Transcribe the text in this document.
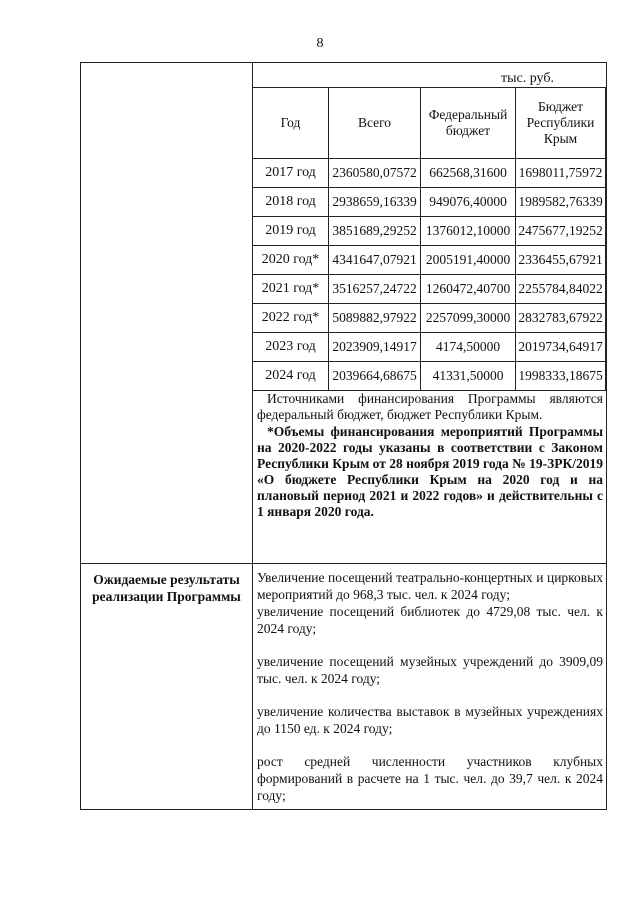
8
тыс. руб.
Год	Всего	Федеральный бюджет	Бюджет Республики Крым
2017 год	2360580,07572	662568,31600	1698011,75972
2018 год	2938659,16339	949076,40000	1989582,76339
2019 год	3851689,29252	1376012,10000	2475677,19252
2020 год*	4341647,07921	2005191,40000	2336455,67921
2021 год*	3516257,24722	1260472,40700	2255784,84022
2022 год*	5089882,97922	2257099,30000	2832783,67922
2023 год	2023909,14917	4174,50000	2019734,64917
2024 год	2039664,68675	41331,50000	1998333,18675

Источниками финансирования Программы являются федеральный бюджет, бюджет Республики Крым.

*Объемы финансирования мероприятий Программы на 2020-2022 годы указаны в соответствии с Законом Республики Крым от 28 ноября 2019 года № 19-ЗРК/2019 «О бюджете Республики Крым на 2020 год и на плановый период 2021 и 2022 годов» и действительны с 1 января 2020 года.

Ожидаемые результаты реализации Программы

Увеличение посещений театрально-концертных и цирковых мероприятий до 968,3 тыс. чел. к 2024 году;

увеличение посещений библиотек до 4729,08 тыс. чел. к 2024 году;

увеличение посещений музейных учреждений до 3909,09 тыс. чел. к 2024 году;

увеличение количества выставок в музейных учреждениях до 1150 ед. к 2024 году;

рост средней численности участников клубных формирований в расчете на 1 тыс. чел. до 39,7 чел. к 2024 году;
